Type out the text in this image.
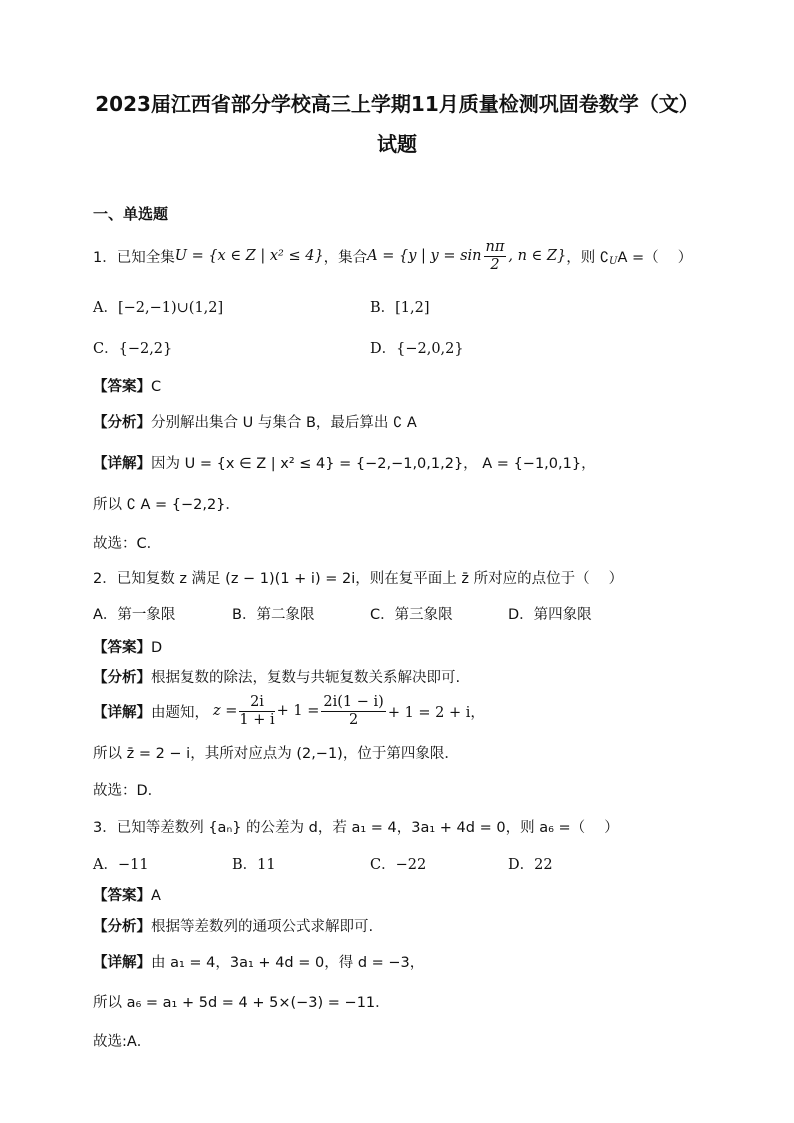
2023届江西省部分学校高三上学期11月质量检测巩固卷数学（文）
试题
一、单选题
1．已知全集 U = {x ∈ Z | x² ≤ 4} ，集合 A = {y | $y = \sin \frac{n\pi}{2}$ , n ∈ Z} ，则 ∁ U A =（　 ）
A．[−2,−1)∪(1,2]	B．[1,2]
C．{−2,2}	D．{−2,0,2}
【答案】C
【分析】分别解出集合 U 与集合 B，最后算出 ∁ A
【详解】因为 U = {x ∈ Z | x² ≤ 4} = {−2,−1,0,1,2}， A = {−1,0,1}，
所以 ∁ A = {−2,2}．
故选：C．
2．已知复数 z 满足 (z − 1)(1 + i) = 2i，则在复平面上 z̄ 所对应的点位于（　 ）
A．第一象限	B．第二象限	C．第三象限	D．第四象限
【答案】D
【分析】根据复数的除法，复数与共轭复数关系解决即可.
【详解】 由题知， $z = \frac{2i}{1 + i} + 1 = \frac{2i(1 - i)}{2} + 1 = 2 + i$，
所以 z̄ = 2 − i，其所对应点为 (2,−1)，位于第四象限．
故选：D．
3．已知等差数列 {aₙ} 的公差为 d，若 a₁ = 4，3a₁ + 4d = 0，则 a₆ =（　 ）
A．−11	B．11	C．−22	D．22
【答案】A
【分析】根据等差数列的通项公式求解即可.
【详解】由 a₁ = 4，3a₁ + 4d = 0，得 d = −3，
所以 a₆ = a₁ + 5d = 4 + 5×(−3) = −11．
故选:A．
